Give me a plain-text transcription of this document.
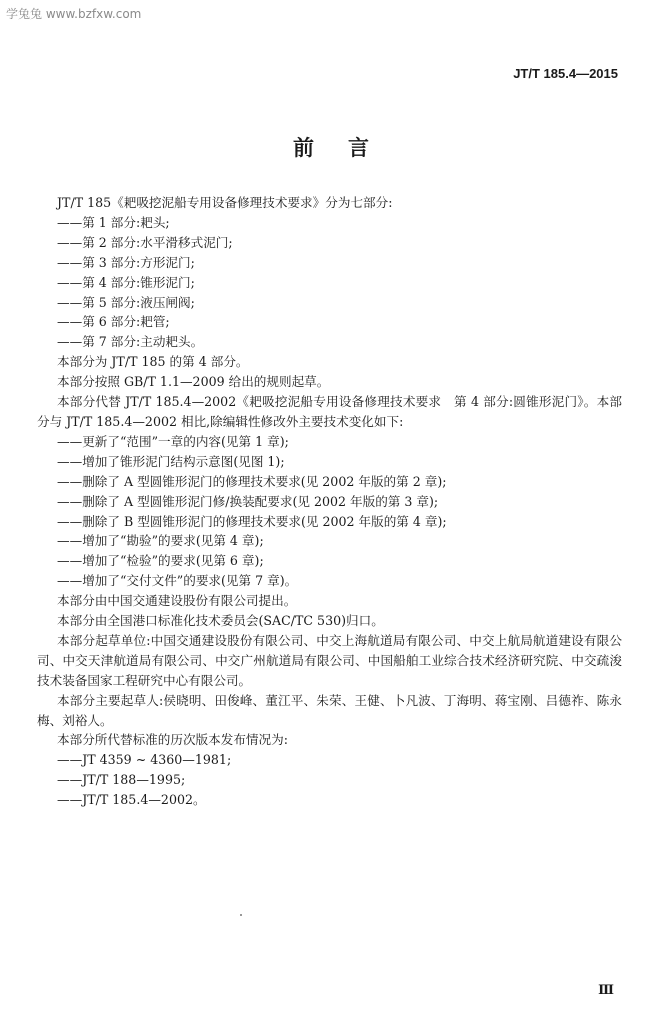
学兔兔 www.bzfxw.com
JT/T 185.4—2015
前言

JT/T 185《耙吸挖泥船专用设备修理技术要求》分为七部分:

——第 1 部分:耙头;

——第 2 部分:水平滑移式泥门;

——第 3 部分:方形泥门;

——第 4 部分:锥形泥门;

——第 5 部分:液压闸阀;

——第 6 部分:耙管;

——第 7 部分:主动耙头。

本部分为 JT/T 185 的第 4 部分。

本部分按照 GB/T 1.1—2009 给出的规则起草。

本部分代替 JT/T 185.4—2002《耙吸挖泥船专用设备修理技术要求　第 4 部分:圆锥形泥门》。本部分与 JT/T 185.4—2002 相比,除编辑性修改外主要技术变化如下:

——更新了“范围”一章的内容(见第 1 章);

——增加了锥形泥门结构示意图(见图 1);

——删除了 A 型圆锥形泥门的修理技术要求(见 2002 年版的第 2 章);

——删除了 A 型圆锥形泥门修/换装配要求(见 2002 年版的第 3 章);

——删除了 B 型圆锥形泥门的修理技术要求(见 2002 年版的第 4 章);

——增加了“勘验”的要求(见第 4 章);

——增加了“检验”的要求(见第 6 章);

——增加了“交付文件”的要求(见第 7 章)。

本部分由中国交通建设股份有限公司提出。

本部分由全国港口标准化技术委员会(SAC/TC 530)归口。

本部分起草单位:中国交通建设股份有限公司、中交上海航道局有限公司、中交上航局航道建设有限公司、中交天津航道局有限公司、中交广州航道局有限公司、中国船舶工业综合技术经济研究院、中交疏浚技术装备国家工程研究中心有限公司。

本部分主要起草人:侯晓明、田俊峰、董江平、朱荣、王健、卜凡波、丁海明、蒋宝刚、吕德祚、陈永梅、刘裕人。

本部分所代替标准的历次版本发布情况为:

——JT 4359 ~ 4360—1981;

——JT/T 188—1995;

——JT/T 185.4—2002。

Ⅲ
